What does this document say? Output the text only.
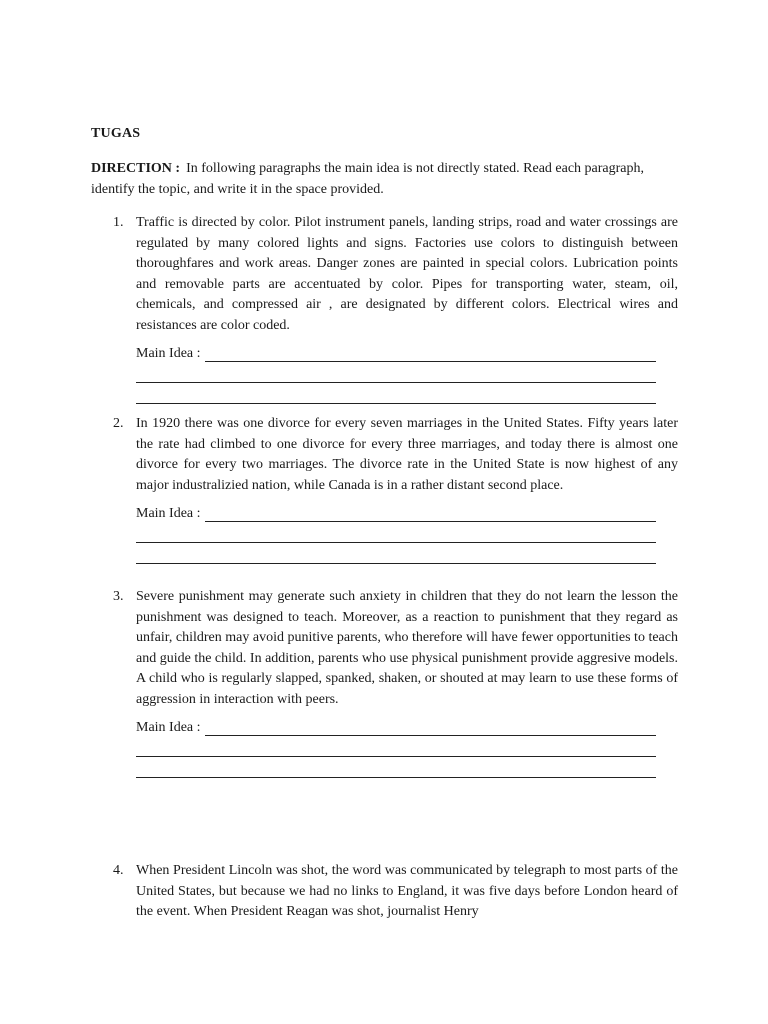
TUGAS
DIRECTION : In following paragraphs the main idea is not directly stated. Read each paragraph, identify the topic, and write it in the space provided.
1. Traffic is directed by color. Pilot instrument panels, landing strips, road and water crossings are regulated by many colored lights and signs. Factories use colors to distinguish between thoroughfares and work areas. Danger zones are painted in special colors. Lubrication points and removable parts are accentuated by color. Pipes for transporting water, steam, oil, chemicals, and compressed air , are designated by different colors. Electrical wires and resistances are color coded.
Main Idea :
2. In 1920 there was one divorce for every seven marriages in the United States. Fifty years later the rate had climbed to one divorce for every three marriages, and today there is almost one divorce for every two marriages. The divorce rate in the United State is now highest of any major industralizied nation, while Canada is in a rather distant second place.
Main Idea :
3. Severe punishment may generate such anxiety in children that they do not learn the lesson the punishment was designed to teach. Moreover, as a reaction to punishment that they regard as unfair, children may avoid punitive parents, who therefore will have fewer opportunities to teach and guide the child. In addition, parents who use physical punishment provide aggresive models. A child who is regularly slapped, spanked, shaken, or shouted at may learn to use these forms of aggression in interaction with peers.
Main Idea :
4. When President Lincoln was shot, the word was communicated by telegraph to most parts of the United States, but because we had no links to England, it was five days before London heard of the event. When President Reagan was shot, journalist Henry
